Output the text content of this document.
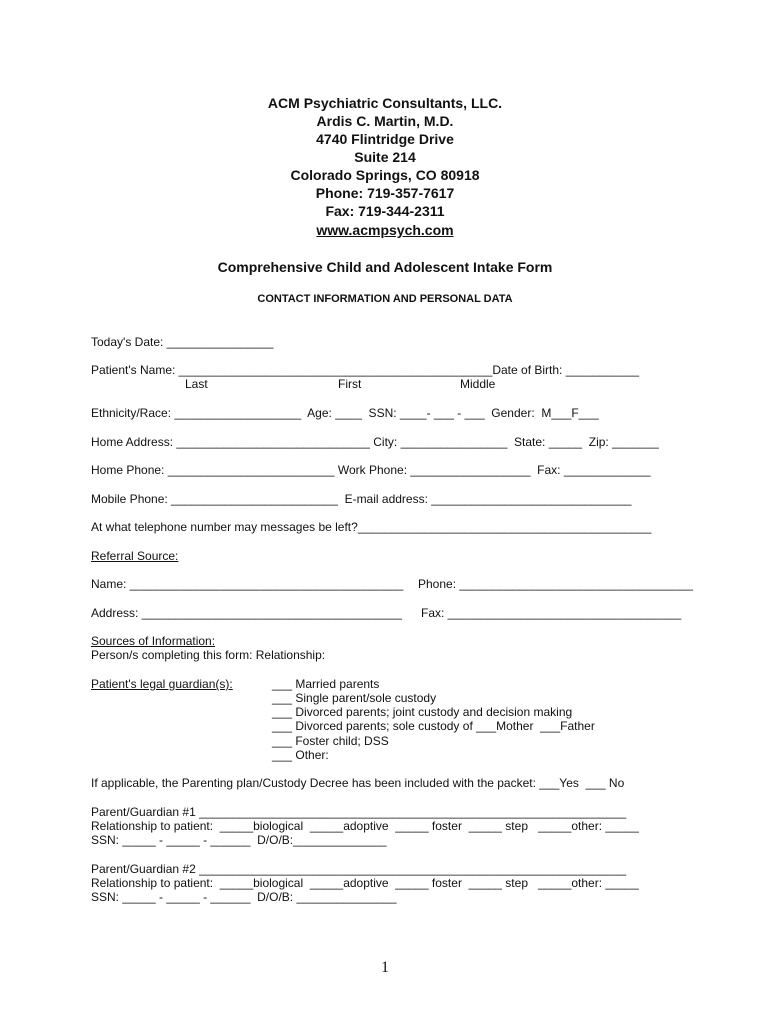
ACM Psychiatric Consultants, LLC.
Ardis C. Martin, M.D.
4740 Flintridge Drive
Suite 214
Colorado Springs, CO 80918
Phone: 719-357-7617
Fax: 719-344-2311
www.acmpsych.com
Comprehensive Child and Adolescent Intake Form
CONTACT INFORMATION AND PERSONAL DATA
Today's Date: ________________
Patient's Name: _______________________________________________Date of Birth: ___________
Last	First	Middle
Ethnicity/Race: ___________________  Age: ____  SSN: ____- ___ - ___  Gender:  M___F___
Home Address: _____________________________ City: ________________  State: _____  Zip: _______
Home Phone: _________________________ Work Phone: __________________  Fax: _____________
Mobile Phone: _________________________  E-mail address: ______________________________
At what telephone number may messages be left?____________________________________________
Referral Source:
Name: _________________________________________ Phone: ___________________________________
Address: _______________________________________ Fax: ___________________________________
Sources of Information:
Person/s completing this form: Relationship:
Patient's legal guardian(s):	___ Married parents
___ Single parent/sole custody
___ Divorced parents; joint custody and decision making
___ Divorced parents; sole custody of ___Mother  ___Father
___ Foster child; DSS
___ Other:
If applicable, the Parenting plan/Custody Decree has been included with the packet: ___Yes  ___ No
Parent/Guardian #1 ________________________________________________________________
Relationship to patient:  _____biological  _____adoptive  _____ foster  _____ step   _____other: _____
SSN: _____ - _____ - ______  D/O/B:______________
Parent/Guardian #2 ________________________________________________________________
Relationship to patient:  _____biological  _____adoptive  _____ foster  _____ step   _____other: _____
SSN: _____ - _____ - ______  D/O/B: _______________
1
